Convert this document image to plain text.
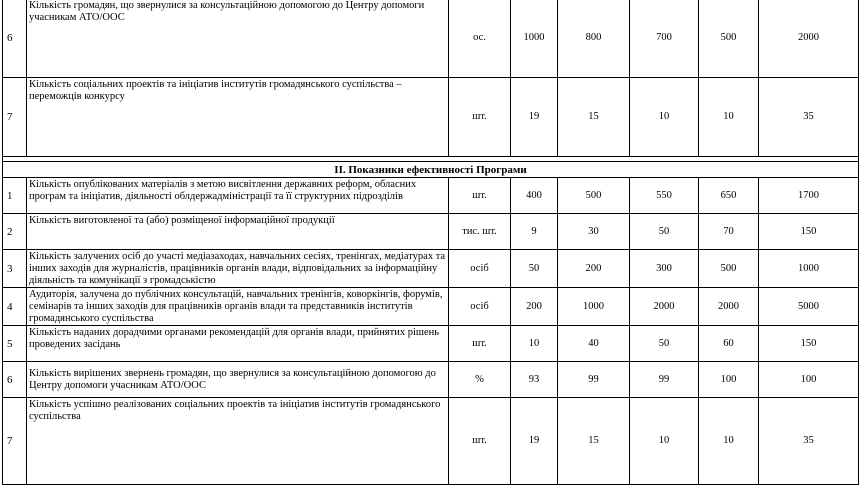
6	Кількість громадян, що звернулися за консультаційною допомогою до Центру допомоги учасникам АТО/ООС	ос.	1000	800	700	500	2000
7	Кількість соціальних проектів та ініціатив інститутів громадянського суспільства – переможців конкурсу	шт.	19	15	10	10	35

ІІ. Показники ефективності Програми							
1	Кількість опублікованих матеріалів з метою висвітлення державних реформ, обласних програм та ініціатив, діяльності облдержадміністрації та її структурних підрозділів	шт.	400	500	550	650	1700
2	Кількість виготовленої та (або) розміщеної інформаційної продукції	тис. шт.	9	30	50	70	150
3	Кількість залучених осіб до участі медіазаходах, навчальних сесіях, тренінгах, медіатурах та інших заходів для журналістів, працівників органів влади, відповідальних за інформаційну діяльність та комунікації з громадськістю	осіб	50	200	300	500	1000
4	Аудиторія, залучена до публічних консультацій, навчальних тренінгів, коворкінгів, форумів, семінарів та інших заходів для працівників органів влади та представників інститутів громадянського суспільства	осіб	200	1000	2000	2000	5000
5	Кількість наданих дорадчими органами рекомендацій для органів влади, прийнятих рішень проведених засідань	шт.	10	40	50	60	150
6	Кількість вирішених звернень громадян, що звернулися за консультаційною допомогою до Центру допомоги учасникам АТО/ООС	%	93	99	99	100	100
7	Кількість успішно реалізованих соціальних проектів та ініціатив інститутів громадянського суспільства	шт.	19	15	10	10	35
